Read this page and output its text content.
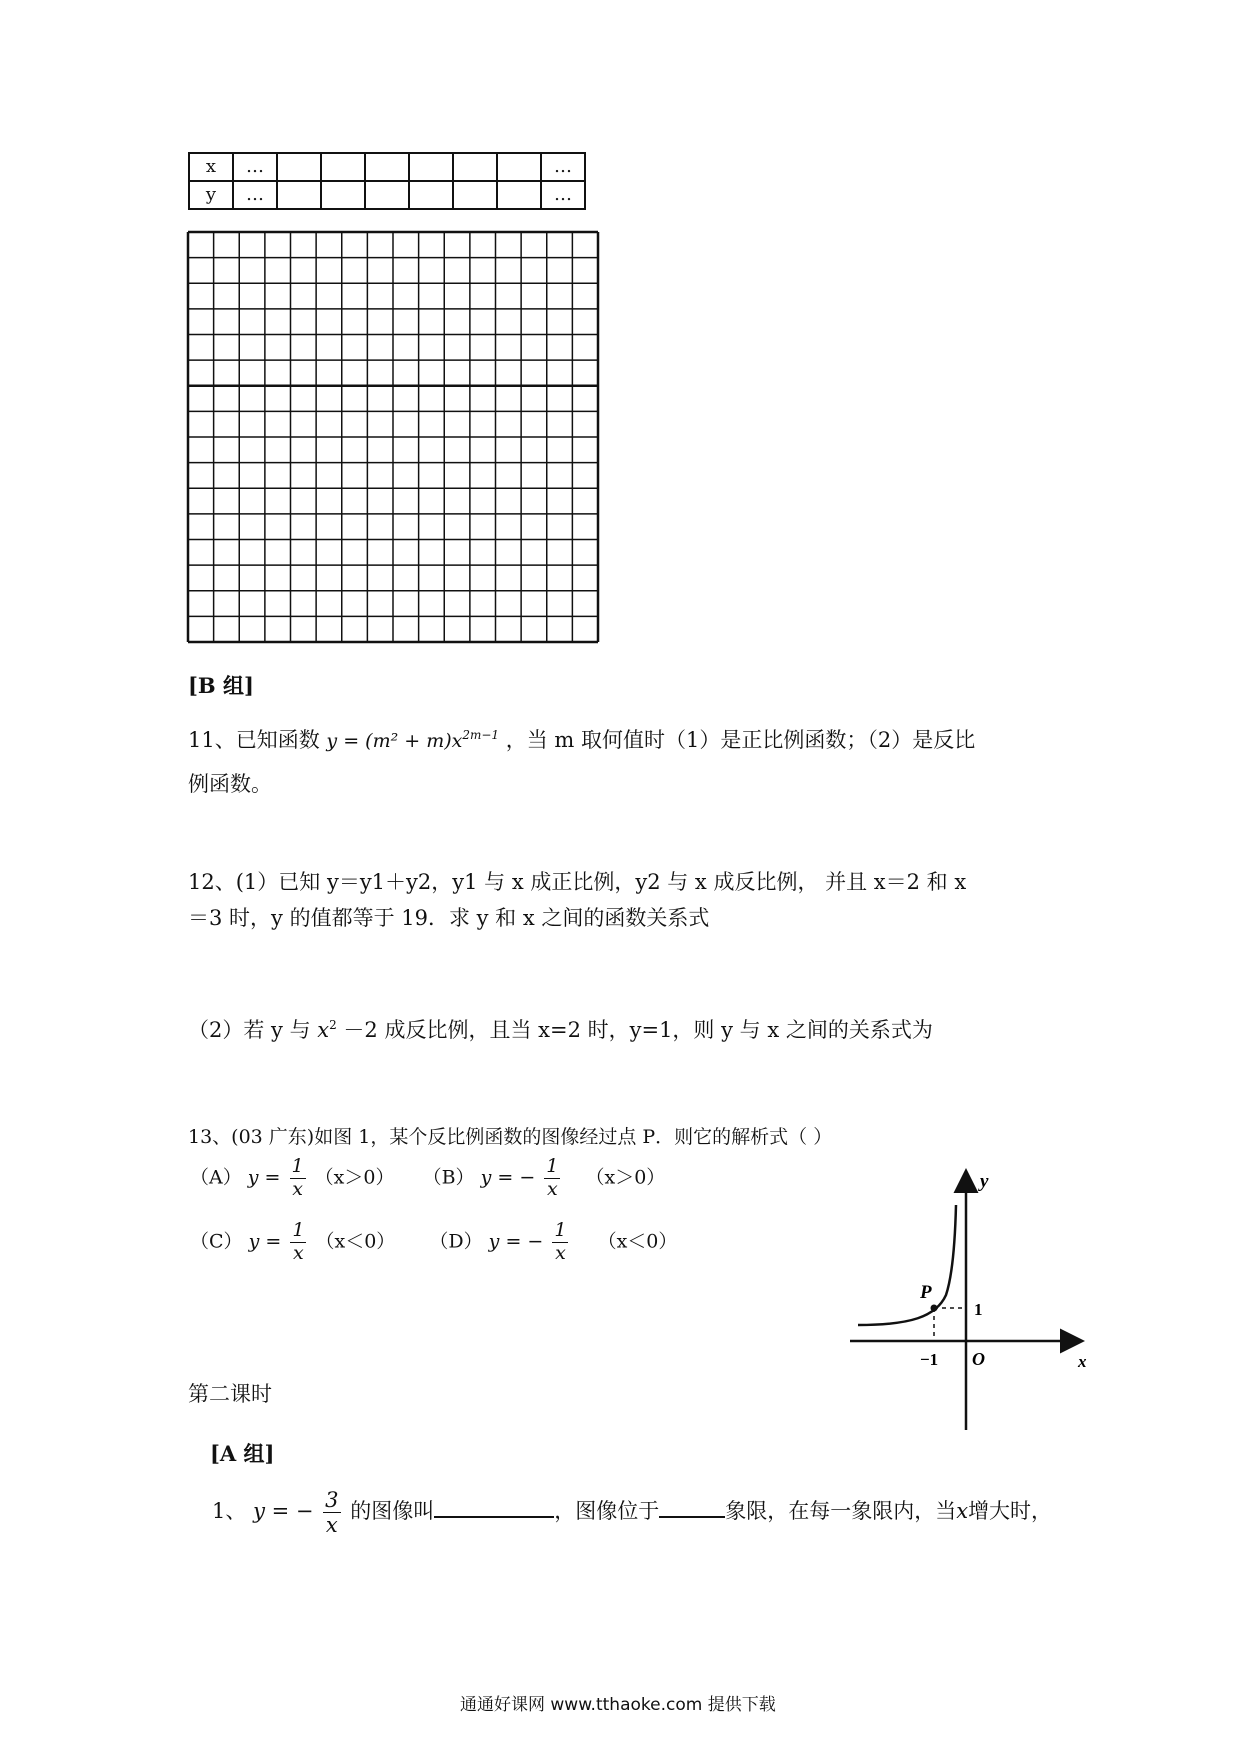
x	…							…
y	…							…
[B 组]
11、已知函数 $y = (m^2 + m)x^{2m-1}$ ，当 m 取何值时（1）是正比例函数；（2）是反比
例函数。
12、(1）已知 y＝y1＋y2，y1 与 x 成正比例，y2 与 x 成反比例， 并且 x＝2 和 x
＝3 时，y 的值都等于 19．求 y 和 x 之间的函数关系式
（2）若 y 与 $x^2 -2$ 成反比例，且当 x=2 时，y=1，则 y 与 x 之间的关系式为
13、(03 广东)如图 1，某个反比例函数的图像经过点 P．则它的解析式（ ）
（A） $y = \frac{1}{x} (x>0)$ （B） y = − $\frac{1}{x} (x>0)$
（C） $y = \frac{1}{x} (x<0)$ （D） y = − $\frac{1}{x} (x<0)$
y
x
P
O
−1
1
第二课时
[A 组]
1、 y = − $\frac{3}{x}$ 的图像叫	，图像位于	象限，在每一象限内，当x增大时，
通通好课网 www.tthaoke.com 提供下载
